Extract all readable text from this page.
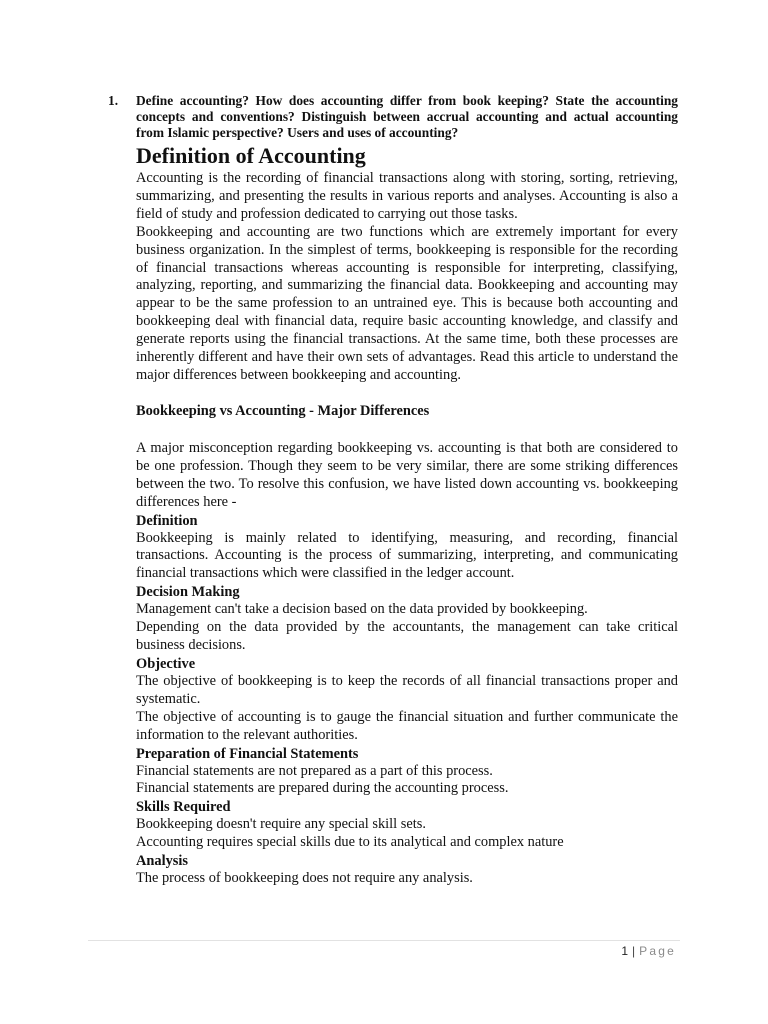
1.	Define accounting? How does accounting differ from book keeping? State the accounting concepts and conventions? Distinguish between accrual accounting and actual accounting from Islamic perspective? Users and uses of accounting?
Definition of Accounting

Accounting is the recording of financial transactions along with storing, sorting, retrieving, summarizing, and presenting the results in various reports and analyses. Accounting is also a field of study and profession dedicated to carrying out those tasks.

Bookkeeping and accounting are two functions which are extremely important for every business organization. In the simplest of terms, bookkeeping is responsible for the recording of financial transactions whereas accounting is responsible for interpreting, classifying, analyzing, reporting, and summarizing the financial data. Bookkeeping and accounting may appear to be the same profession to an untrained eye. This is because both accounting and bookkeeping deal with financial data, require basic accounting knowledge, and classify and generate reports using the financial transactions. At the same time, both these processes are inherently different and have their own sets of advantages. Read this article to understand the major differences between bookkeeping and accounting.

Bookkeeping vs Accounting - Major Differences

A major misconception regarding bookkeeping vs. accounting is that both are considered to be one profession. Though they seem to be very similar, there are some striking differences between the two. To resolve this confusion, we have listed down accounting vs. bookkeeping differences here -

Definition

Bookkeeping is mainly related to identifying, measuring, and recording, financial transactions. Accounting is the process of summarizing, interpreting, and communicating financial transactions which were classified in the ledger account.

Decision Making

Management can't take a decision based on the data provided by bookkeeping.

Depending on the data provided by the accountants, the management can take critical business decisions.

Objective

The objective of bookkeeping is to keep the records of all financial transactions proper and systematic.

The objective of accounting is to gauge the financial situation and further communicate the information to the relevant authorities.

Preparation of Financial Statements

Financial statements are not prepared as a part of this process.

Financial statements are prepared during the accounting process.

Skills Required

Bookkeeping doesn't require any special skill sets.

Accounting requires special skills due to its analytical and complex nature

Analysis

The process of bookkeeping does not require any analysis.

1 | Page
